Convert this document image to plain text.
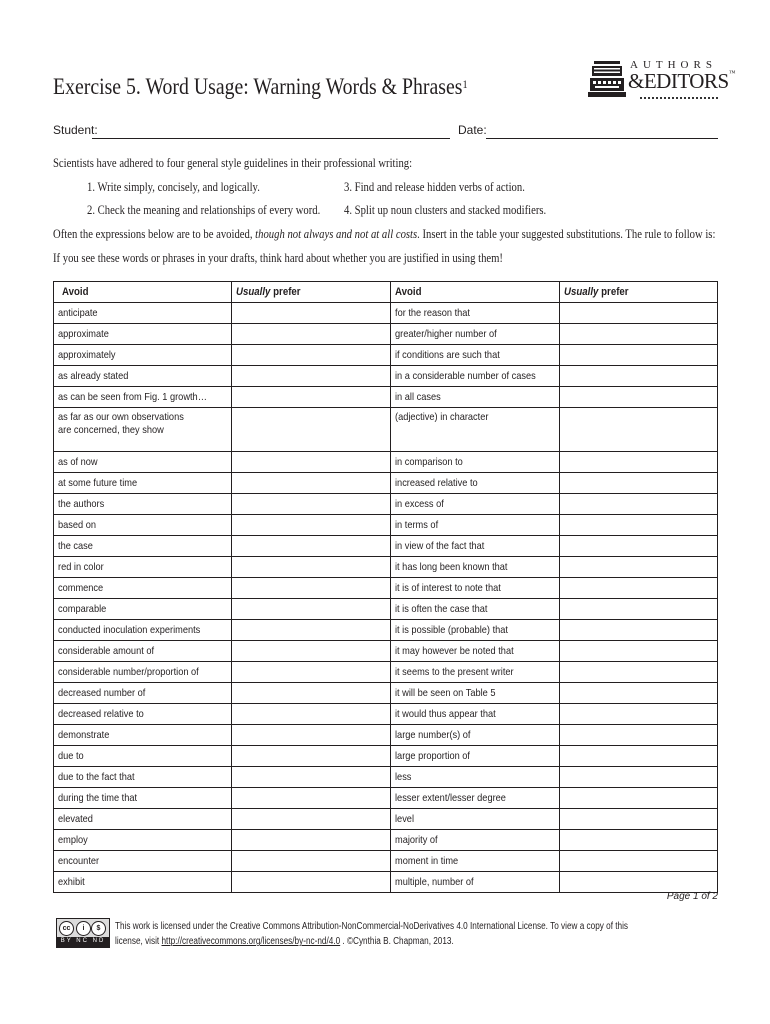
Exercise 5. Word Usage: Warning Words & Phrases$^1$
AUTHORS
&EDITORS™
Student:	Date:
Scientists have adhered to four general style guidelines in their professional writing:
1. Write simply, concisely, and logically.
2. Check the meaning and relationships of every word.
3. Find and release hidden verbs of action.
4. Split up noun clusters and stacked modifiers.
Often the expressions below are to be avoided, though not always and not at all costs. Insert in the table your suggested substitutions. The rule to follow is:
If you see these words or phrases in your drafts, think hard about whether you are justified in using them!
Avoid	Usually prefer	Avoid	Usually prefer
anticipate		for the reason that	
approximate		greater/higher number of	
approximately		if conditions are such that	
as already stated		in a considerable number of cases	
as can be seen from Fig. 1 growth…		in all cases	

as far as our own observations are concerned, they show		(adjective) in character	
as of now		in comparison to	
at some future time		increased relative to	
the authors		in excess of	
based on		in terms of	
the case		in view of the fact that	
red in color		it has long been known that	
commence		it is of interest to note that	
comparable		it is often the case that	
conducted inoculation experiments		it is possible (probable) that	
considerable amount of		it may however be noted that	
considerable number/proportion of		it seems to the present writer	
decreased number of		it will be seen on Table 5	
decreased relative to		it would thus appear that	
demonstrate		large number(s) of	
due to		large proportion of	
due to the fact that		less	
during the time that		lesser extent/lesser degree	
elevated		level	
employ		majority of	
encounter		moment in time	
exhibit		multiple, number of	
Page 1 of 2
cc	i	$
BY NC ND
This work is licensed under the Creative Commons Attribution-NonCommercial-NoDerivatives 4.0 International License. To view a copy of this
license, visit http://creativecommons.org/licenses/by-nc-nd/4.0 . ©Cynthia B. Chapman, 2013.
